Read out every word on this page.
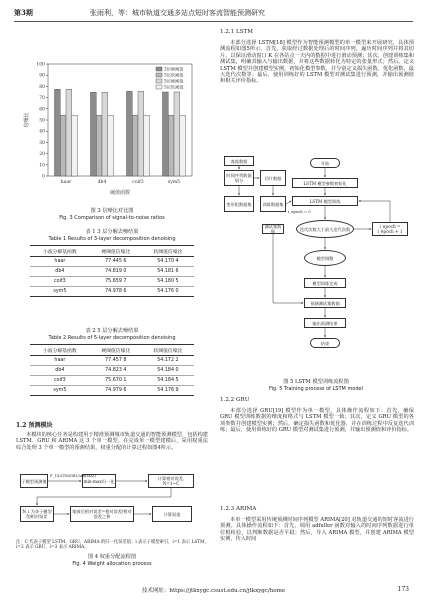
第3期	张雨利，等：城市轨道交通多站点短时客流智能预测研究
0
10
20
30
40
50
60
70
80
90
100
信噪比
haar	db4	coif3	sym5
阈值函数
3层硬阈值
3层软阈值
5层硬阈值
5层软阈值
图 3 信噪比对比图
Fig. 3 Comparison of signal-to-noise ratios
表 1 3 层分解去噪结果
Table 1 Results of 3-layer decomposition denoising
小波分解基函数	硬阈值信噪比	软阈值信噪比
haar	77.445 6	54.170 4
db4	74.819 0	54.181 6
coif3	75.659 7	54.180 5
sym5	74.978 6	54.176 0
表 2 5 层分解去噪结果
Table 2 Results of 5-layer decomposition denoising
小波分解基函数	硬阈值信噪比	软阈值信噪比
haar	77.457 8	54.172 2
db4	74.823 4	54.184 0
coif3	75.670 1	54.184 5
sym5	74.979 6	54.176 9
1.2 预测模块
本模块的核心任务是构建用于精准预测城市轨道交通的智能预测模型，包括构建 LSTM、GRU 和 ARIMA 这 3 个单一模型。在完成单一模型建模后，采用权重法综合处理 3 个单一模型的预测结果，权重分配的计算过程如图4所示。
子模型预测值	min-max归一化	计算相对误差, N=1~C
N_i 为各子模型的相对误差
缩放后相对误差=相对误差/相对误差之和	计算权重
P_{(LSTM/GRU/ARIMA)}
注：C 代表子模型 LSTM、GRU、ARIMA 的归一化误差值；i 表示子模型索引，i=1 表示 LSTM，i=2 表示 GRU，i=3 表示 ARIMA。
图 4 权重分配流程图
Fig. 4 Weight allocation process
1.2.1 LSTM
本部分选择 LSTM[18] 模型作为智能预测模型的单一模型来开展研究，具体预测流程如图5所示。首先，获取经过数据处理后的时间序列，遍历时间序列并将其切片，以保证滑动窗口 K 在各站点一天内的数据中进行滑动预测；其次，创建训练集和测试集，明确其输入与输出数据，并将这些数据转化为特定的张量形式；然后，定义 LSTM 模型并创建模型实例，初始化模型参数，并分别定义损失函数、优化函数、最大迭代次数等；最后，使用训练好的 LSTM 模型对测试集进行预测，并输出预测值和相关评价指标。
客流数据
时间序列数据划分	切片数据
变形组数据集	训练数据集
测试集数据
开始
LSTM 模型参数初始化
LSTM 模型训练
i_epoch = 0
迭代次数大于最大迭代次数	i_epoch = i_epoch + 1
模型调整
模型训练完成
预测测试集数据
输出预测结果
结束
图 5 LSTM 模型训练流程图
Fig. 5 Training process of LSTM model
1.2.2 GRU
本部分选择 GRU[19] 模型作为单一模型。具体操作流程如下：首先，确保 GRU 模型训练数据的维度和格式与 LSTM 模型一致；其次，定义 GRU 模型的各项参数并创建模型实例；然后，确定损失函数和优化器，并在训练过程中反复迭代训练；最后，使用训练好的 GRU 模型对测试集进行预测，并输出预测值和评价指标。
1.2.3 ARIMA
本单一模型采用传统预测时间序列模型 ARIMA[20] 对轨道交通的短时客流进行预测。具体操作流程如下：首先，调用 adfuller 函数对输入的时间序列数据进行单位根检验，以判断数据是否平稳；然后，导入 ARIMA 模型，并创建 ARIMA 模型实例，传入时间
技术网址：https://jtkxygc.csust.edu.cn/jtkxygc/home	173
